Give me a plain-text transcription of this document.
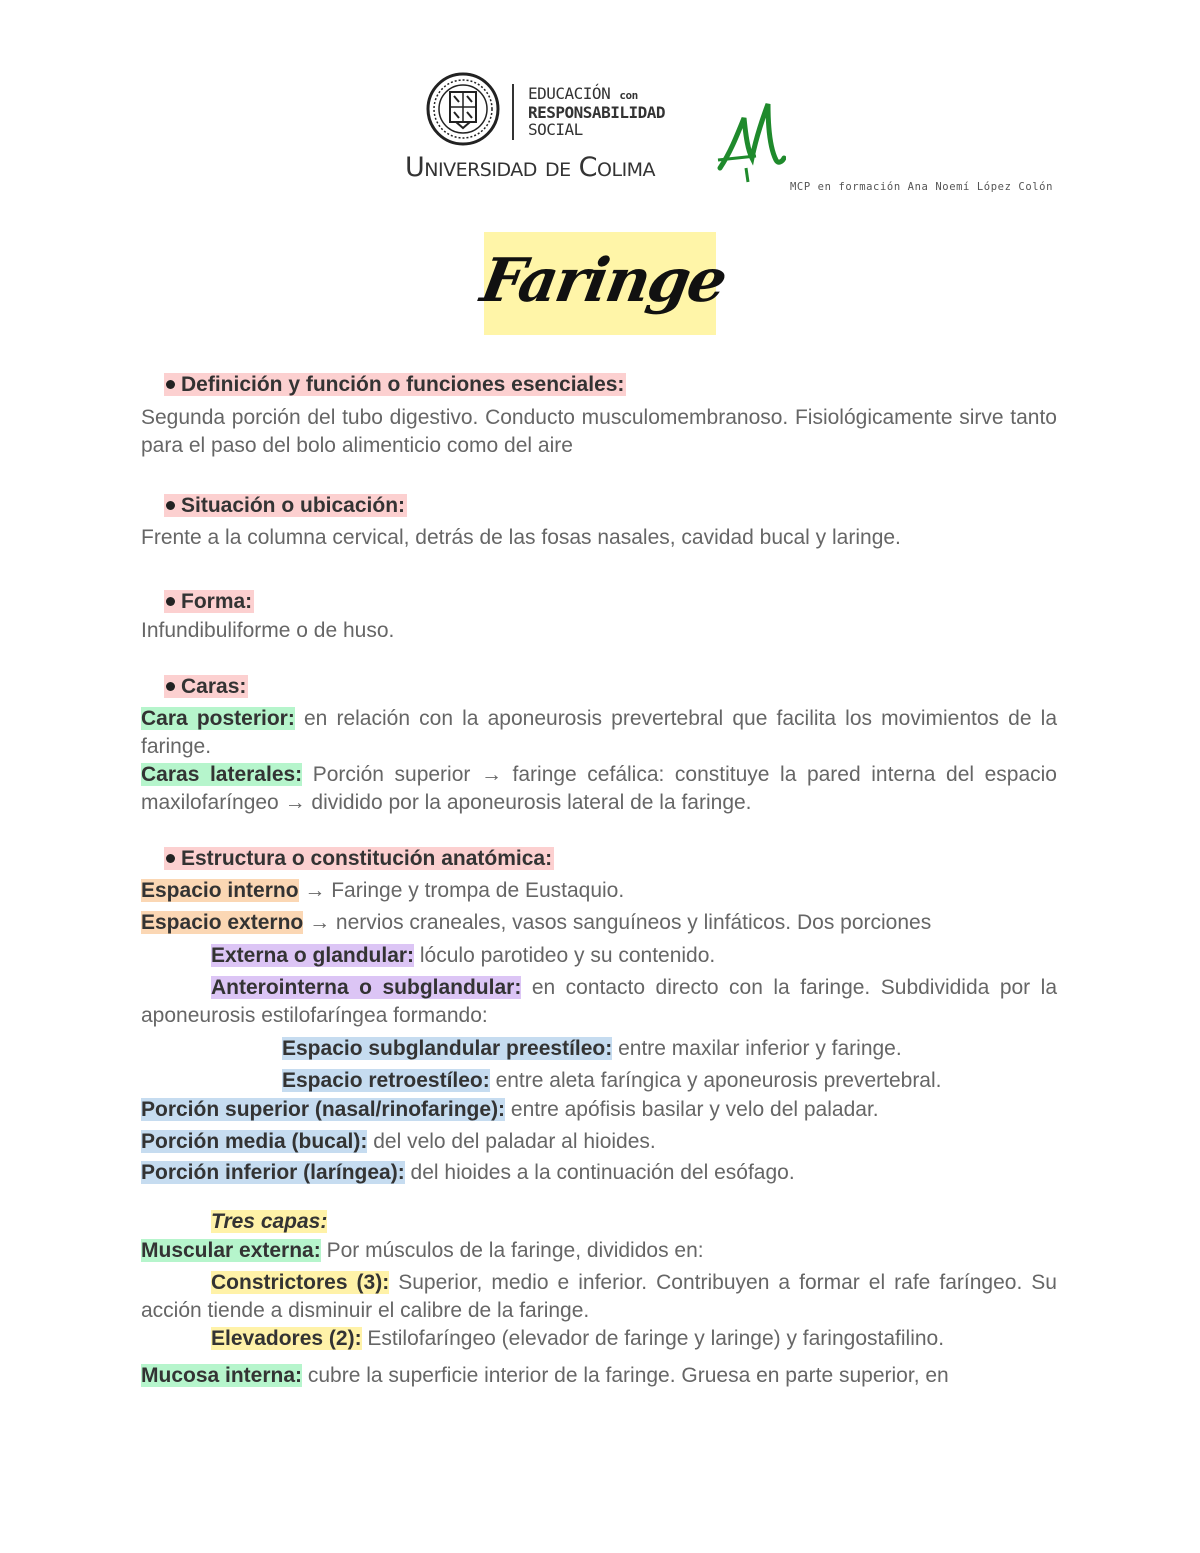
EDUCACIÓN con
RESPONSABILIDAD
SOCIAL
Universidad de Colima
MCP en formación Ana Noemí López Colón
Faringe
Definición y función o funciones esenciales:
Segunda porción del tubo digestivo. Conducto musculomembranoso. Fisiológicamente sirve tanto para el paso del bolo alimenticio como del aire
Situación o ubicación:
Frente a la columna cervical, detrás de las fosas nasales, cavidad bucal y laringe.
Forma:
Infundibuliforme o de huso.
Caras:
Cara posterior: en relación con la aponeurosis prevertebral que facilita los movimientos de la faringe.
Caras laterales: Porción superior → faringe cefálica: constituye la pared interna del espacio maxilofaríngeo → dividido por la aponeurosis lateral de la faringe.
Estructura o constitución anatómica:
Espacio interno → Faringe y trompa de Eustaquio.
Espacio externo → nervios craneales, vasos sanguíneos y linfáticos. Dos porciones
Externa o glandular: lóculo parotideo y su contenido.
Anterointerna o subglandular: en contacto directo con la faringe. Subdividida por la aponeurosis estilofaríngea formando:
Espacio subglandular preestíleo: entre maxilar inferior y faringe.
Espacio retroestíleo: entre aleta faríngica y aponeurosis prevertebral.
Porción superior (nasal/rinofaringe): entre apófisis basilar y velo del paladar.
Porción media (bucal): del velo del paladar al hioides.
Porción inferior (laríngea): del hioides a la continuación del esófago.
Tres capas:
Muscular externa: Por músculos de la faringe, divididos en:
Constrictores (3): Superior, medio e inferior. Contribuyen a formar el rafe faríngeo. Su acción tiende a disminuir el calibre de la faringe.
Elevadores (2): Estilofaríngeo (elevador de faringe y laringe) y faringostafilino.
Mucosa interna: cubre la superficie interior de la faringe. Gruesa en parte superior, en
